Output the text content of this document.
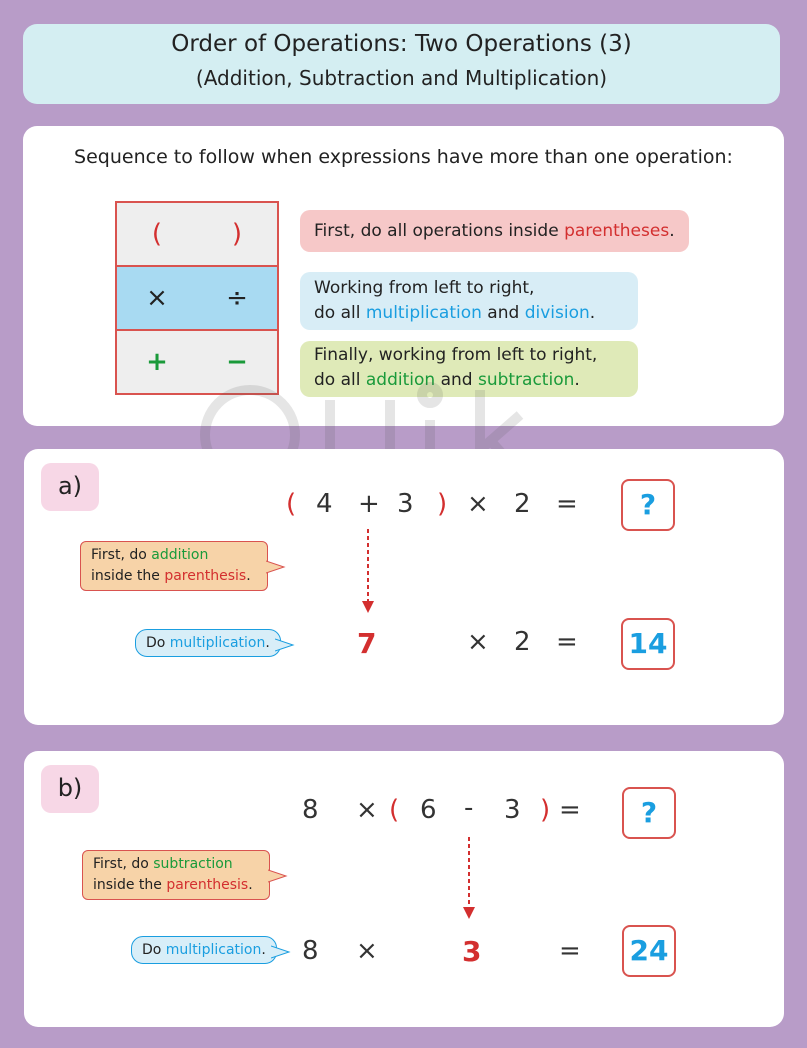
Order of Operations: Two Operations (3)
(Addition, Subtraction and Multiplication)
Sequence to follow when expressions have more than one operation:
(	)
× ÷
+ −
First, do all operations inside parentheses.
Working from left to right,
do all multiplication and division.
Finally, working from left to right,
do all addition and subtraction.
a)
( 4 + 3 ) × 2 =	?
First, do addition
inside the parenthesis.
Do multiplication.	7	× 2 = 14
b)
8 × ( 6 - 3 ) =	?
First, do subtraction
inside the parenthesis.
Do multiplication.	8 ×	3	= 24
